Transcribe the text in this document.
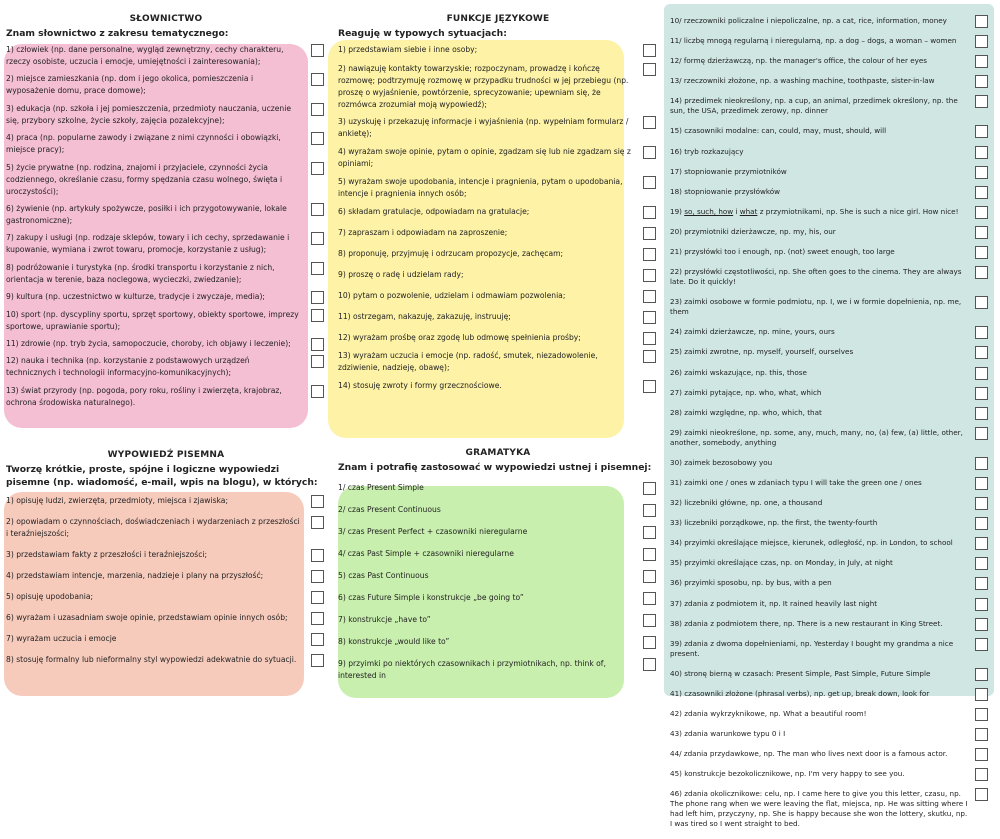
SŁOWNICTWO

Znam słownictwo z zakresu tematycznego:

1) człowiek (np. dane personalne, wygląd zewnętrzny, cechy charakteru, rzeczy osobiste, uczucia i emocje, umiejętności i zainteresowania);
2) miejsce zamieszkania (np. dom i jego okolica, pomieszczenia i wyposażenie domu, prace domowe);
3) edukacja (np. szkoła i jej pomieszczenia, przedmioty nauczania, uczenie się, przybory szkolne, życie szkoły, zajęcia pozalekcyjne);
4) praca (np. popularne zawody i związane z nimi czynności i obowiązki, miejsce pracy);
5) życie prywatne (np. rodzina, znajomi i przyjaciele, czynności życia codziennego, określanie czasu, formy spędzania czasu wolnego, święta i uroczystości);
6) żywienie (np. artykuły spożywcze, posiłki i ich przygotowywanie, lokale gastronomiczne);
7) zakupy i usługi (np. rodzaje sklepów, towary i ich cechy, sprzedawanie i kupowanie, wymiana i zwrot towaru, promocje, korzystanie z usług);
8) podróżowanie i turystyka (np. środki transportu i korzystanie z nich, orientacja w terenie, baza noclegowa, wycieczki, zwiedzanie);
9) kultura (np. uczestnictwo w kulturze, tradycje i zwyczaje, media);
10) sport (np. dyscypliny sportu, sprzęt sportowy, obiekty sportowe, imprezy sportowe, uprawianie sportu);
11) zdrowie (np. tryb życia, samopoczucie, choroby, ich objawy i leczenie);
12) nauka i technika (np. korzystanie z podstawowych urządzeń technicznych i technologii informacyjno-komunikacyjnych);
13) świat przyrody (np. pogoda, pory roku, rośliny i zwierzęta, krajobraz, ochrona środowiska naturalnego).

WYPOWIEDŹ PISEMNA

Tworzę krótkie, proste, spójne i logiczne wypowiedzi pisemne (np. wiadomość, e-mail, wpis na blogu), w których:

1) opisuję ludzi, zwierzęta, przedmioty, miejsca i zjawiska;
2) opowiadam o czynnościach, doświadczeniach i wydarzeniach z przeszłości i teraźniejszości;
3) przedstawiam fakty z przeszłości i teraźniejszości;
4) przedstawiam intencje, marzenia, nadzieje i plany na przyszłość;
5) opisuję upodobania;
6) wyrażam i uzasadniam swoje opinie, przedstawiam opinie innych osób;
7) wyrażam uczucia i emocje
8) stosuję formalny lub nieformalny styl wypowiedzi adekwatnie do sytuacji.

FUNKCJE JĘZYKOWE

Reaguję w typowych sytuacjach:

1) przedstawiam siebie i inne osoby;
2) nawiązuję kontakty towarzyskie; rozpoczynam, prowadzę i kończę rozmowę; podtrzymuję rozmowę w przypadku trudności w jej przebiegu (np. proszę o wyjaśnienie, powtórzenie, sprecyzowanie; upewniam się, że rozmówca zrozumiał moją wypowiedź);
3) uzyskuję i przekazuję informacje i wyjaśnienia (np. wypełniam formularz / ankietę);
4) wyrażam swoje opinie, pytam o opinie, zgadzam się lub nie zgadzam się z opiniami;
5) wyrażam swoje upodobania, intencje i pragnienia, pytam o upodobania, intencje i pragnienia innych osób;
6) składam gratulacje, odpowiadam na gratulacje;
7) zapraszam i odpowiadam na zaproszenie;
8) proponuję, przyjmuję i odrzucam propozycje, zachęcam;
9) proszę o radę i udzielam rady;
10) pytam o pozwolenie, udzielam i odmawiam pozwolenia;
11) ostrzegam, nakazuję, zakazuję, instruuję;
12) wyrażam prośbę oraz zgodę lub odmowę spełnienia prośby;
13) wyrażam uczucia i emocje (np. radość, smutek, niezadowolenie, zdziwienie, nadzieję, obawę);
14) stosuję zwroty i formy grzecznościowe.

GRAMATYKA

Znam i potrafię zastosować w wypowiedzi ustnej i pisemnej:

1/ czas Present Simple
2/ czas Present Continuous
3/ czas Present Perfect + czasowniki nieregularne
4/ czas Past Simple + czasowniki nieregularne
5) czas Past Continuous
6) czas Future Simple i konstrukcje „be going to”
7) konstrukcje „have to”
8) konstrukcje „would like to”
9) przyimki po niektórych czasownikach i przymiotnikach, np. think of, interested in
10/ rzeczowniki policzalne i niepoliczalne, np. a cat, rice, information, money
11/ liczbę mnogą regularną i nieregularną, np. a dog – dogs, a woman – women
12/ formę dzierżawczą, np. the manager's office, the colour of her eyes
13/ rzeczowniki złożone, np. a washing machine, toothpaste, sister-in-law
14) przedimek nieokreślony, np. a cup, an animal, przedimek określony, np. the sun, the USA, przedimek zerowy, np. dinner
15) czasowniki modalne: can, could, may, must, should, will
16) tryb rozkazujący
17) stopniowanie przymiotników
18) stopniowanie przysłówków
19) so, such, how i what z przymiotnikami, np. She is such a nice girl. How nice!
20) przymiotniki dzierżawcze, np. my, his, our
21) przysłówki too i enough, np. (not) sweet enough, too large
22) przysłówki częstotliwości, np. She often goes to the cinema. They are always late. Do it quickly!
23) zaimki osobowe w formie podmiotu, np. I, we i w formie dopełnienia, np. me, them
24) zaimki dzierżawcze, np. mine, yours, ours
25) zaimki zwrotne, np. myself, yourself, ourselves
26) zaimki wskazujące, np. this, those
27) zaimki pytające, np. who, what, which
28) zaimki względne, np. who, which, that
29) zaimki nieokreślone, np. some, any, much, many, no, (a) few, (a) little, other, another, somebody, anything
30) zaimek bezosobowy you
31) zaimki one / ones w zdaniach typu I will take the green one / ones
32) liczebniki główne, np. one, a thousand
33) liczebniki porządkowe, np. the first, the twenty-fourth
34) przyimki określające miejsce, kierunek, odległość, np. in London, to school
35) przyimki określające czas, np. on Monday, in July, at night
36) przyimki sposobu, np. by bus, with a pen
37) zdania z podmiotem it, np. It rained heavily last night
38) zdania z podmiotem there, np. There is a new restaurant in King Street.
39) zdania z dwoma dopełnieniami, np. Yesterday I bought my grandma a nice present.
40) stronę bierną w czasach: Present Simple, Past Simple, Future Simple
41) czasowniki złożone (phrasal verbs), np. get up, break down, look for
42) zdania wykrzyknikowe, np. What a beautiful room!
43) zdania warunkowe typu 0 i I
44/ zdania przydawkowe, np. The man who lives next door is a famous actor.
45) konstrukcje bezokolicznikowe, np. I'm very happy to see you.
46) zdania okolicznikowe: celu, np. I came here to give you this letter, czasu, np. The phone rang when we were leaving the flat, miejsca, np. He was sitting where I had left him, przyczyny, np. She is happy because she won the lottery, skutku, np. I was tired so I went straight to bed.
